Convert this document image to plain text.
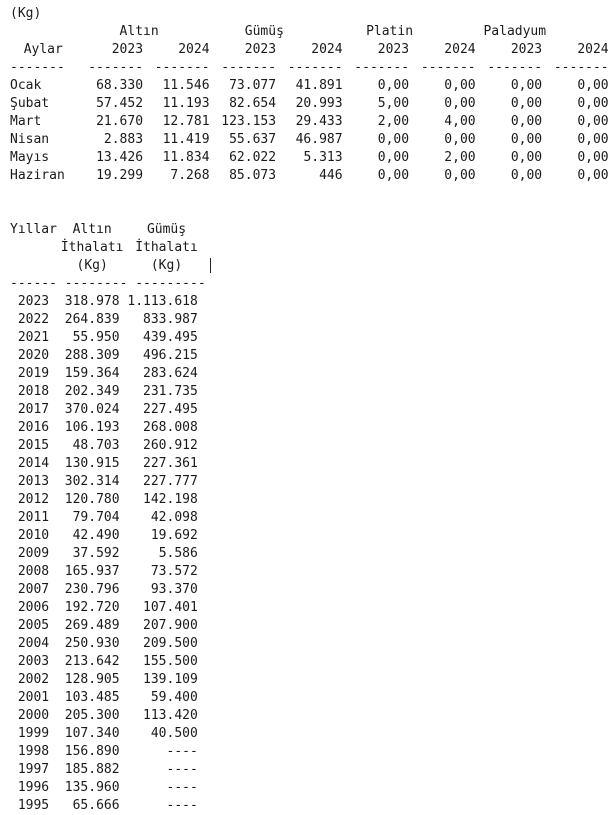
(Kg)
Altın	Gümüş	Platin	Paladyum
Aylar	2023	2024	2023	2024	2023	2024	2023	2024
------- ------- ------- ------- ------- ------- ------- ------- -------
Ocak	68.330 11.546 73.077 41.891	0,00	0,00	0,00	0,00
Şubat	57.452 11.193 82.654 20.993	5,00	0,00	0,00	0,00
Mart	21.670 12.781 123.153 29.433	2,00	4,00	0,00	0,00
Nisan	2.883 11.419 55.637 46.987	0,00	0,00	0,00	0,00
Mayıs	13.426 11.834 62.022 5.313	0,00	2,00	0,00	0,00
Haziran 19.299 7.268 85.073	446	0,00	0,00	0,00	0,00
Yıllar Altın	Gümüş
İthalatı İthalatı
(Kg)	(Kg)
------ -------- ---------
2023 318.978 1.113.618
2022 264.839 833.987
2021 55.950 439.495
2020 288.309 496.215
2019 159.364 283.624
2018 202.349 231.735
2017 370.024 227.495
2016 106.193 268.008
2015 48.703 260.912
2014 130.915 227.361
2013 302.314 227.777
2012 120.780 142.198
2011 79.704 42.098
2010 42.490 19.692
2009 37.592	5.586
2008 165.937 73.572
2007 230.796 93.370
2006 192.720 107.401
2005 269.489 207.900
2004 250.930 209.500
2003 213.642 155.500
2002 128.905 139.109
2001 103.485 59.400
2000 205.300 113.420
1999 107.340 40.500
1998 156.890	----
1997 185.882	----
1996 135.960	----
1995 65.666	----
